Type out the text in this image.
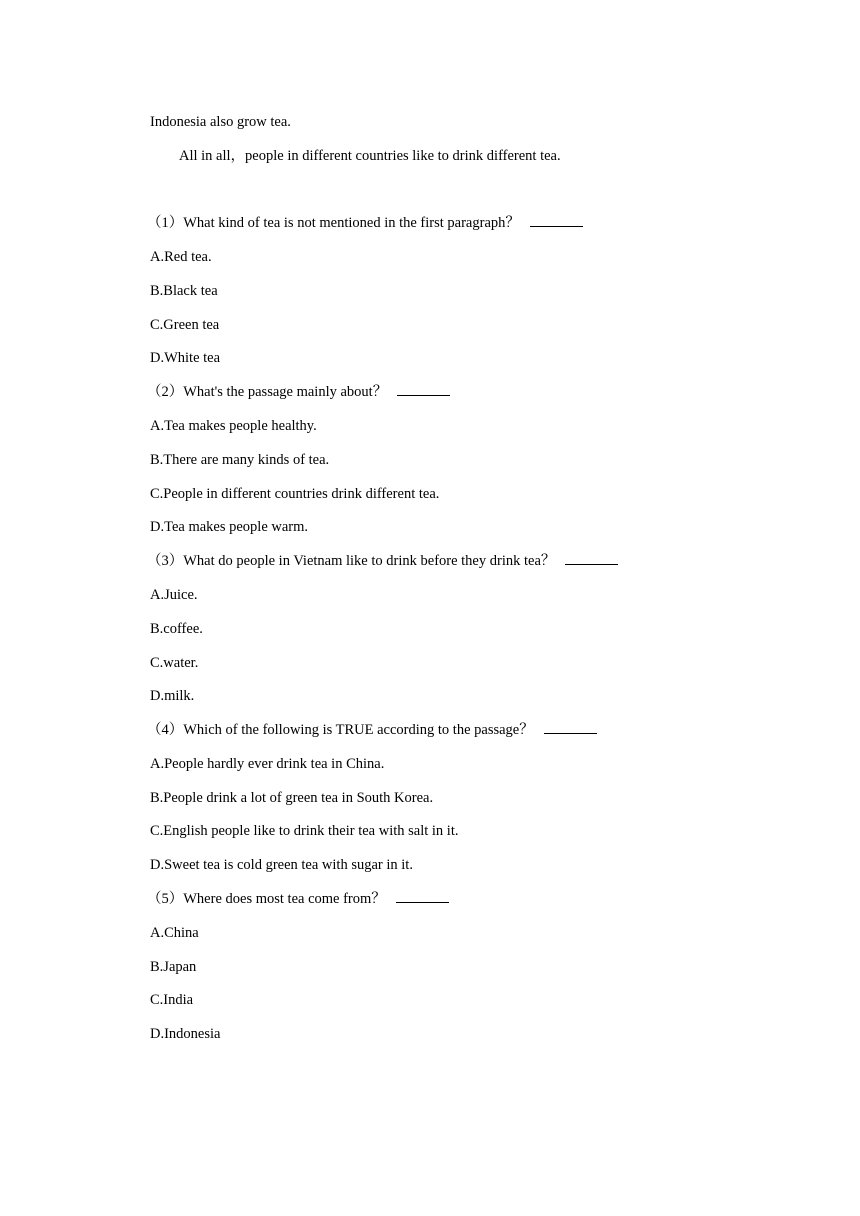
Indonesia also grow tea.
All in all，people in different countries like to drink different tea.
（1）What kind of tea is not mentioned in the first paragraph？
A.Red tea.
B.Black tea
C.Green tea
D.White tea
（2）What's the passage mainly about？
A.Tea makes people healthy.
B.There are many kinds of tea.
C.People in different countries drink different tea.
D.Tea makes people warm.
（3）What do people in Vietnam like to drink before they drink tea？
A.Juice.
B.coffee.
C.water.
D.milk.
（4）Which of the following is TRUE according to the passage？
A.People hardly ever drink tea in China.
B.People drink a lot of green tea in South Korea.
C.English people like to drink their tea with salt in it.
D.Sweet tea is cold green tea with sugar in it.
（5）Where does most tea come from？
A.China
B.Japan
C.India
D.Indonesia
